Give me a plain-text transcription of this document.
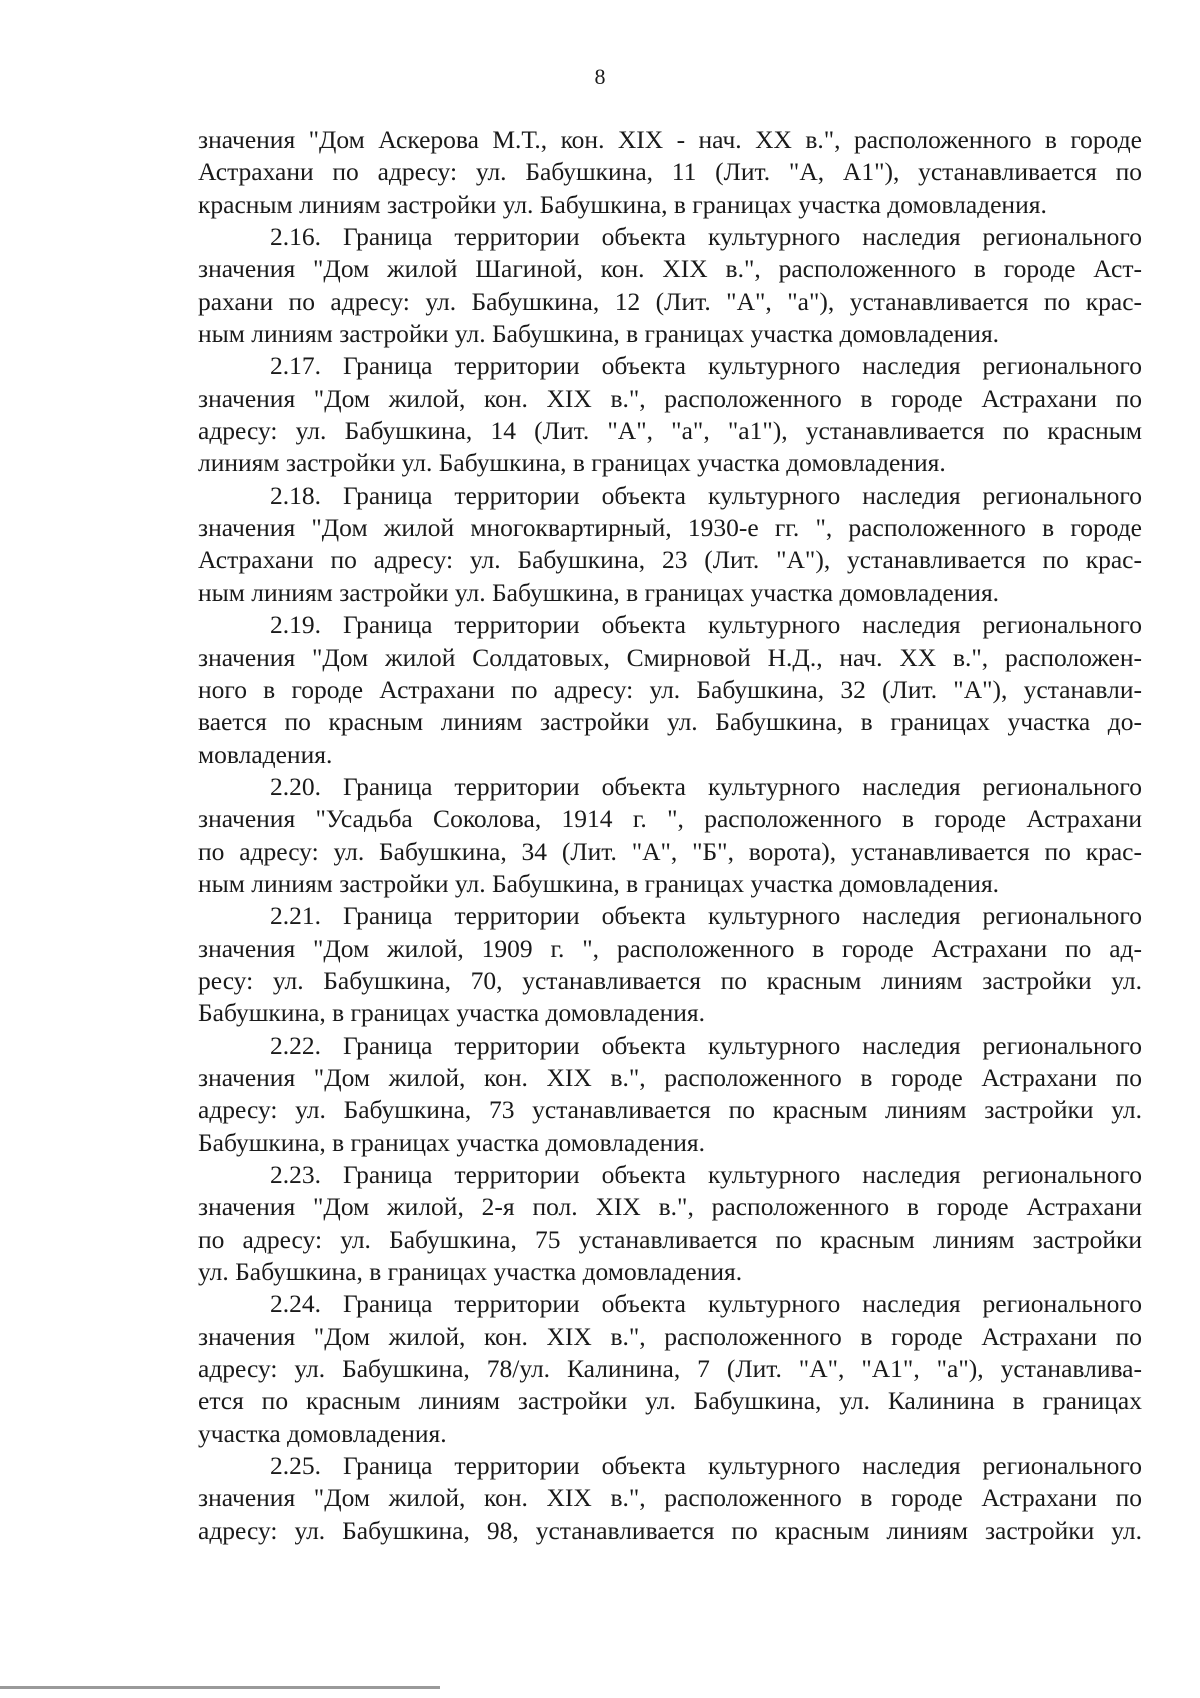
8
значения "Дом Аскерова М.Т., кон. XIX - нач. XX в.", расположенного в городе
Астрахани по адресу: ул. Бабушкина, 11 (Лит. "А, А1"), устанавливается по
красным линиям застройки ул. Бабушкина, в границах участка домовладения.
2.16. Граница территории объекта культурного наследия регионального
значения "Дом жилой Шагиной, кон. XIX в.", расположенного в городе Аст-
рахани по адресу: ул. Бабушкина, 12 (Лит. "А", "а"), устанавливается по крас-
ным линиям застройки ул. Бабушкина, в границах участка домовладения.
2.17. Граница территории объекта культурного наследия регионального
значения "Дом жилой, кон. XIX в.", расположенного в городе Астрахани по
адресу: ул. Бабушкина, 14 (Лит. "А", "а", "а1"), устанавливается по красным
линиям застройки ул. Бабушкина, в границах участка домовладения.
2.18. Граница территории объекта культурного наследия регионального
значения "Дом жилой многоквартирный, 1930-е гг. ", расположенного в городе
Астрахани по адресу: ул. Бабушкина, 23 (Лит. "А"), устанавливается по крас-
ным линиям застройки ул. Бабушкина, в границах участка домовладения.
2.19. Граница территории объекта культурного наследия регионального
значения "Дом жилой Солдатовых, Смирновой Н.Д., нач. XX в.", расположен-
ного в городе Астрахани по адресу: ул. Бабушкина, 32 (Лит. "А"), устанавли-
вается по красным линиям застройки ул. Бабушкина, в границах участка до-
мовладения.
2.20. Граница территории объекта культурного наследия регионального
значения "Усадьба Соколова, 1914 г. ", расположенного в городе Астрахани
по адресу: ул. Бабушкина, 34 (Лит. "А", "Б", ворота), устанавливается по крас-
ным линиям застройки ул. Бабушкина, в границах участка домовладения.
2.21. Граница территории объекта культурного наследия регионального
значения "Дом жилой, 1909 г. ", расположенного в городе Астрахани по ад-
ресу: ул. Бабушкина, 70, устанавливается по красным линиям застройки ул.
Бабушкина, в границах участка домовладения.
2.22. Граница территории объекта культурного наследия регионального
значения "Дом жилой, кон. XIX в.", расположенного в городе Астрахани по
адресу: ул. Бабушкина, 73 устанавливается по красным линиям застройки ул.
Бабушкина, в границах участка домовладения.
2.23. Граница территории объекта культурного наследия регионального
значения "Дом жилой, 2-я пол. XIX в.", расположенного в городе Астрахани
по адресу: ул. Бабушкина, 75 устанавливается по красным линиям застройки
ул. Бабушкина, в границах участка домовладения.
2.24. Граница территории объекта культурного наследия регионального
значения "Дом жилой, кон. XIX в.", расположенного в городе Астрахани по
адресу: ул. Бабушкина, 78/ул. Калинина, 7 (Лит. "А", "А1", "а"), устанавлива-
ется по красным линиям застройки ул. Бабушкина, ул. Калинина в границах
участка домовладения.
2.25. Граница территории объекта культурного наследия регионального
значения "Дом жилой, кон. XIX в.", расположенного в городе Астрахани по
адресу: ул. Бабушкина, 98, устанавливается по красным линиям застройки ул.
